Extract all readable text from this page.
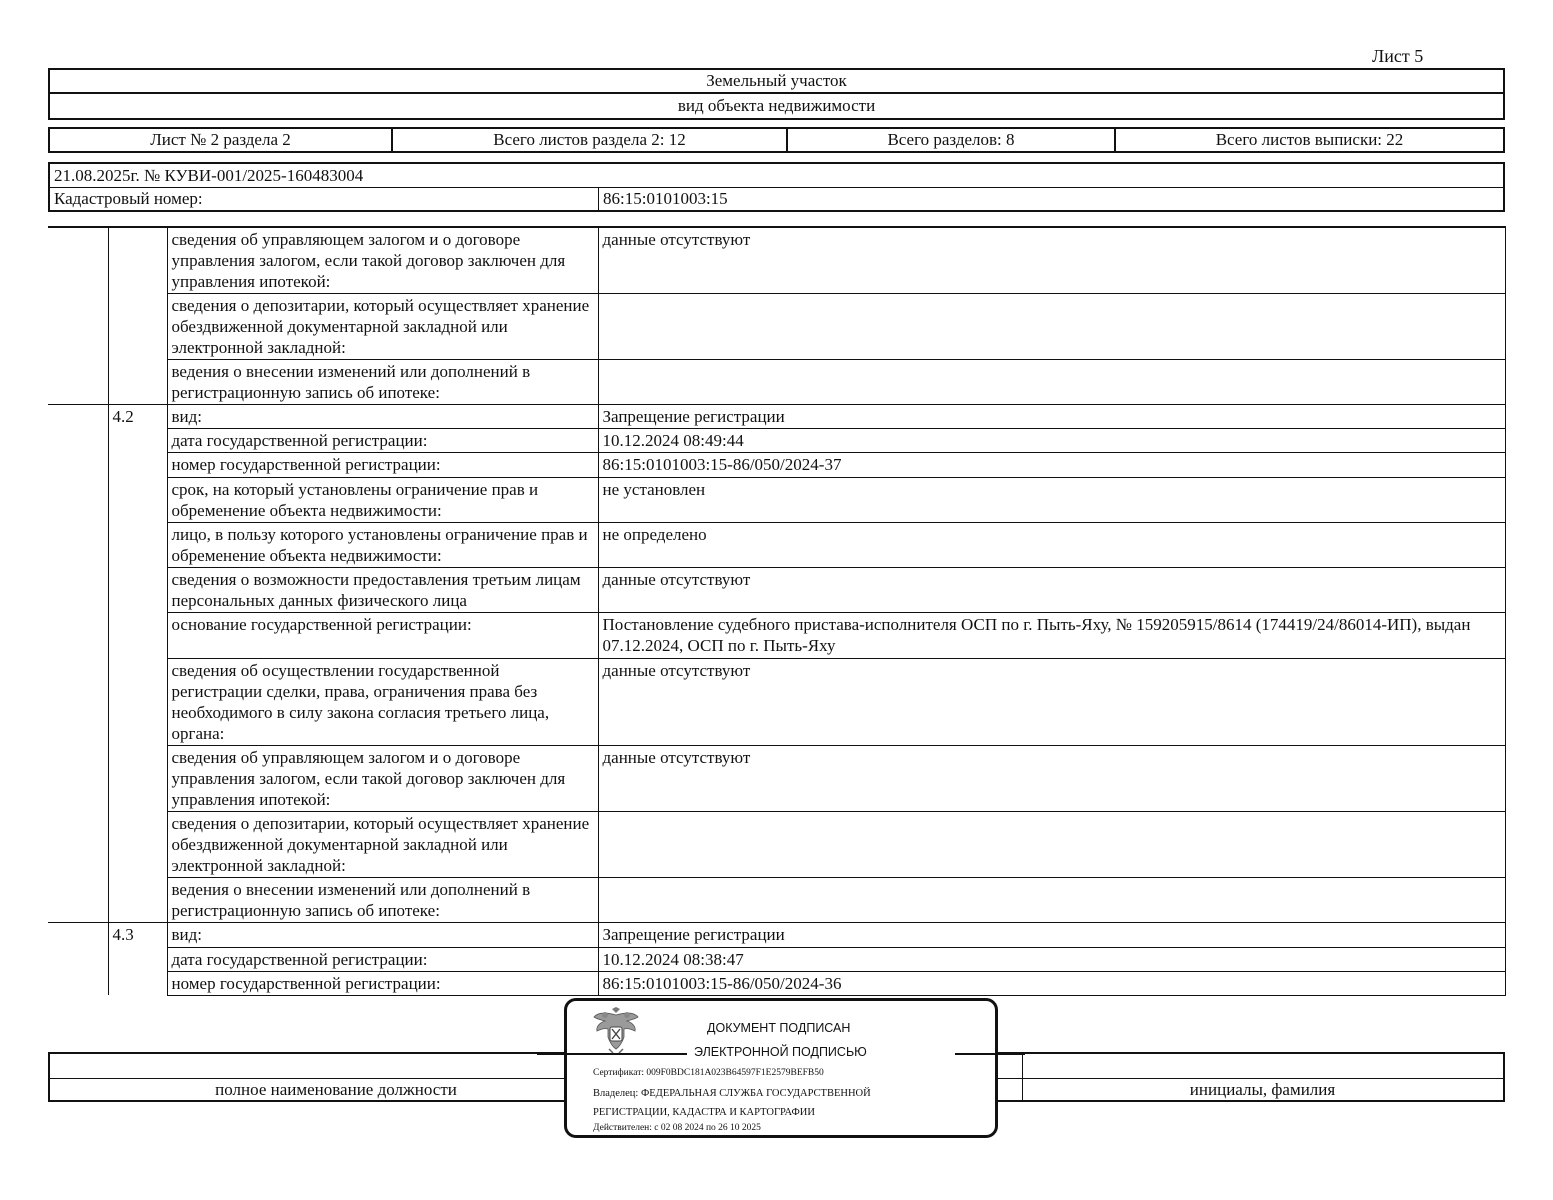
Лист 5
Земельный участок
вид объекта недвижимости
Лист № 2 раздела 2	Всего листов раздела 2: 12	Всего разделов: 8	Всего листов выписки: 22
21.08.2025г. № КУВИ-001/2025-160483004
Кадастровый номер:	86:15:0101003:15
		сведения об управляющем залогом и о договоре управления залогом, если такой договор заключен для управления ипотекой:	данные отсутствуют
		сведения о депозитарии, который осуществляет хранение обездвиженной документарной закладной или электронной закладной:	
		ведения о внесении изменений или дополнений в регистрационную запись об ипотеке:	
	4.2	вид:	Запрещение регистрации
		дата государственной регистрации:	10.12.2024 08:49:44
		номер государственной регистрации:	86:15:0101003:15-86/050/2024-37
		срок, на который установлены ограничение прав и обременение объекта недвижимости:	не установлен
		лицо, в пользу которого установлены ограничение прав и обременение объекта недвижимости:	не определено
		сведения о возможности предоставления третьим лицам персональных данных физического лица	данные отсутствуют
		основание государственной регистрации:	Постановление судебного пристава-исполнителя ОСП по г. Пыть-Яху, № 159205915/8614 (174419/24/86014-ИП), выдан 07.12.2024, ОСП по г. Пыть-Яху
		сведения об осуществлении государственной регистрации сделки, права, ограничения права без необходимого в силу закона согласия третьего лица, органа:	данные отсутствуют
		сведения об управляющем залогом и о договоре управления залогом, если такой договор заключен для управления ипотекой:	данные отсутствуют
		сведения о депозитарии, который осуществляет хранение обездвиженной документарной закладной или электронной закладной:	
		ведения о внесении изменений или дополнений в регистрационную запись об ипотеке:	
	4.3	вид:	Запрещение регистрации
		дата государственной регистрации:	10.12.2024 08:38:47
		номер государственной регистрации:	86:15:0101003:15-86/050/2024-36
полное наименование должности	инициалы, фамилия
ДОКУМЕНТ ПОДПИСАН
ЭЛЕКТРОННОЙ ПОДПИСЬЮ
Сертификат: 009F0BDC181A023B64597F1E2579BEFB50
Владелец: ФЕДЕРАЛЬНАЯ СЛУЖБА ГОСУДАРСТВЕННОЙ
РЕГИСТРАЦИИ, КАДАСТРА И КАРТОГРАФИИ
Действителен: с 02 08 2024 по 26 10 2025
